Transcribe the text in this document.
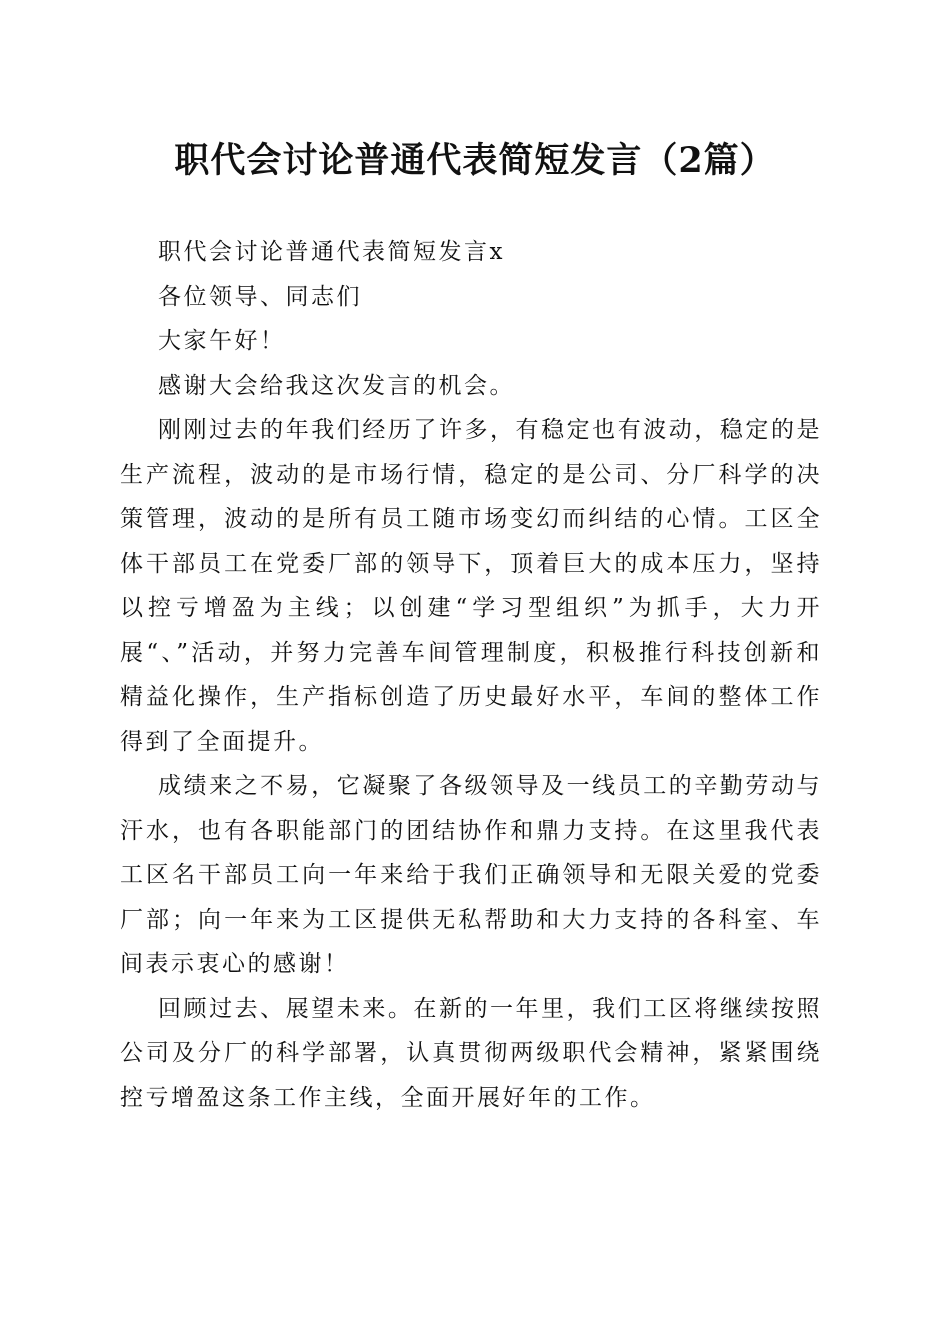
职代会讨论普通代表简短发言（2篇）

职代会讨论普通代表简短发言x

各位领导、同志们

大家午好！

感谢大会给我这次发言的机会。

刚刚过去的年我们经历了许多，有稳定也有波动，稳定的是生产流程，波动的是市场行情，稳定的是公司、分厂科学的决策管理，波动的是所有员工随市场变幻而纠结的心情。工区全体干部员工在党委厂部的领导下，顶着巨大的成本压力，坚持以控亏增盈为主线；以创建“学习型组织”为抓手，大力开展“、”活动，并努力完善车间管理制度，积极推行科技创新和精益化操作，生产指标创造了历史最好水平，车间的整体工作得到了全面提升。

成绩来之不易，它凝聚了各级领导及一线员工的辛勤劳动与汗水，也有各职能部门的团结协作和鼎力支持。在这里我代表工区名干部员工向一年来给于我们正确领导和无限关爱的党委厂部；向一年来为工区提供无私帮助和大力支持的各科室、车间表示衷心的感谢！

回顾过去、展望未来。在新的一年里，我们工区将继续按照公司及分厂的科学部署，认真贯彻两级职代会精神，紧紧围绕控亏增盈这条工作主线，全面开展好年的工作。
